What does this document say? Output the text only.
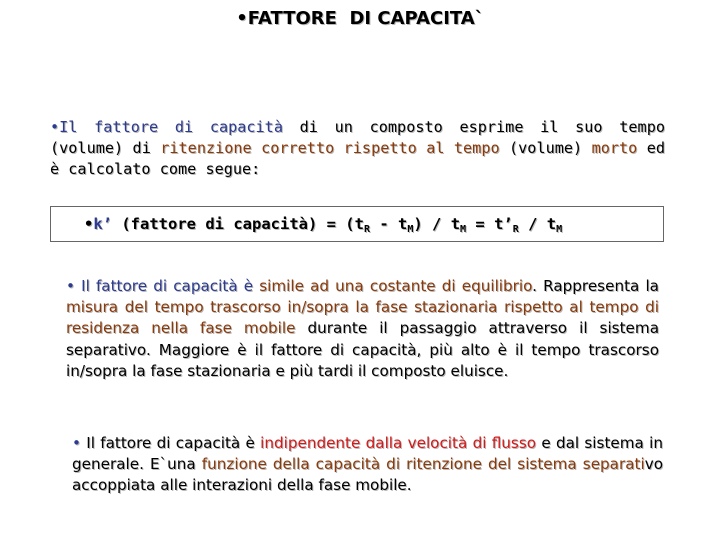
•FATTORE  DI CAPACITA`
•Il fattore di capacità di un composto esprime il suo tempo (volume) di ritenzione corretto rispetto al tempo (volume) morto ed è calcolato come segue:
•k’ (fattore di capacità) = $(t_R - t_M) / t_M$ = $t’_R / t_M$
• Il fattore di capacità è simile ad una costante di equilibrio. Rappresenta la misura del tempo trascorso in/sopra la fase stazionaria rispetto al tempo di residenza nella fase mobile durante il passaggio attraverso il sistema separativo. Maggiore è il fattore di capacità, più alto è il tempo trascorso in/sopra la fase stazionaria e più tardi il composto eluisce.
• Il fattore di capacità è indipendente dalla velocità di flusso e dal sistema in generale. E`una funzione della capacità di ritenzione del sistema separativo accoppiata alle interazioni della fase mobile.
